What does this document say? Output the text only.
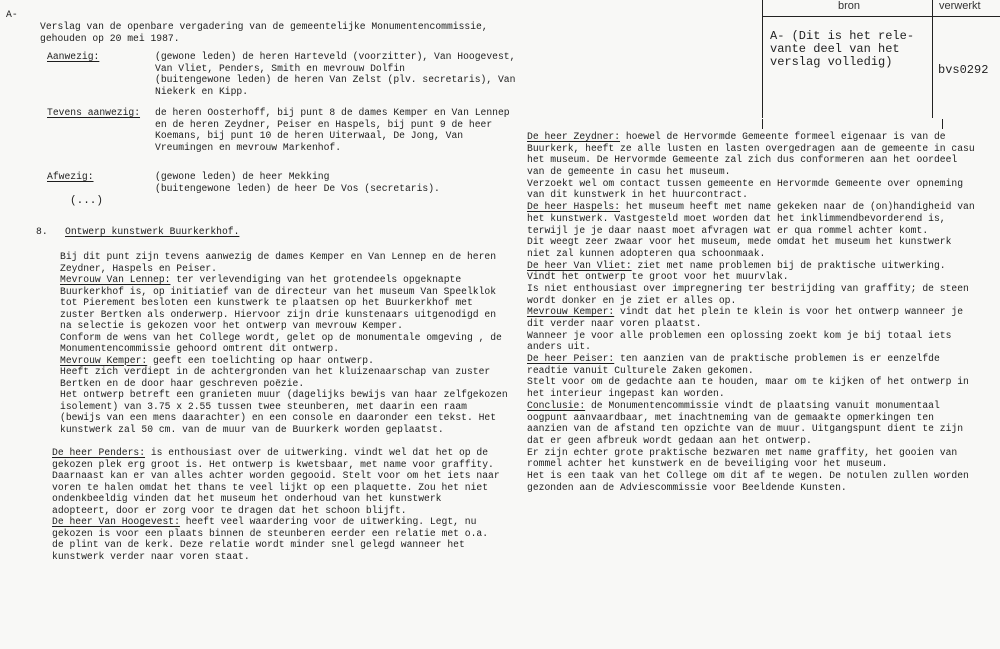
A-
Verslag van de openbare vergadering van de gemeentelijke Monumentencommissie,
gehouden op 20 mei 1987.
Aanwezig:	(gewone leden) de heren Harteveld (voorzitter), Van Hoogevest,
Van Vliet, Penders, Smith en mevrouw Dolfin
(buitengewone leden) de heren Van Zelst (plv. secretaris), Van
Niekerk en Kipp.
Tevens aanwezig: de heren Oosterhoff, bij punt 8 de dames Kemper en Van Lennep
en de heren Zeydner, Peiser en Haspels, bij punt 9 de heer
Koemans, bij punt 10 de heren Uiterwaal, De Jong, Van
Vreumingen en mevrouw Markenhof.
Afwezig:	(gewone leden) de heer Mekking
(buitengewone leden) de heer De Vos (secretaris).
(...)
8. Ontwerp kunstwerk Buurkerkhof.
Bij dit punt zijn tevens aanwezig de dames Kemper en Van Lennep en de heren
Zeydner, Haspels en Peiser.
Mevrouw Van Lennep: ter verlevendiging van het grotendeels opgeknapte
Buurkerkhof is, op initiatief van de directeur van het museum Van Speelklok
tot Pierement besloten een kunstwerk te plaatsen op het Buurkerkhof met
zuster Bertken als onderwerp. Hiervoor zijn drie kunstenaars uitgenodigd en
na selectie is gekozen voor het ontwerp van mevrouw Kemper.
Conform de wens van het College wordt, gelet op de monumentale omgeving , de
Monumentencommissie gehoord omtrent dit ontwerp.
Mevrouw Kemper: geeft een toelichting op haar ontwerp.
Heeft zich verdiept in de achtergronden van het kluizenaarschap van zuster
Bertken en de door haar geschreven poëzie.
Het ontwerp betreft een granieten muur (dagelijks bewijs van haar zelfgekozen
isolement) van 3.75 x 2.55 tussen twee steunberen, met daarin een raam
(bewijs van een mens daarachter) en een console en daaronder een tekst. Het
kunstwerk zal 50 cm. van de muur van de Buurkerk worden geplaatst.
De heer Penders: is enthousiast over de uitwerking. vindt wel dat het op de
gekozen plek erg groot is. Het ontwerp is kwetsbaar, met name voor graffity.
Daarnaast kan er van alles achter worden gegooid. Stelt voor om het iets naar
voren te halen omdat het thans te veel lijkt op een plaquette. Zou het niet
ondenkbeeldig vinden dat het museum het onderhoud van het kunstwerk
adopteert, door er zorg voor te dragen dat het schoon blijft.
De heer Van Hoogevest: heeft veel waardering voor de uitwerking. Legt, nu
gekozen is voor een plaats binnen de steunberen eerder een relatie met o.a.
de plint van de kerk. Deze relatie wordt minder snel gelegd wanneer het
kunstwerk verder naar voren staat.
De heer Zeydner: hoewel de Hervormde Gemeente formeel eigenaar is van de
Buurkerk, heeft ze alle lusten en lasten overgedragen aan de gemeente in casu
het museum. De Hervormde Gemeente zal zich dus conformeren aan het oordeel
van de gemeente in casu het museum.
Verzoekt wel om contact tussen gemeente en Hervormde Gemeente over opneming
van dit kunstwerk in het huurcontract.
De heer Haspels: het museum heeft met name gekeken naar de (on)handigheid van
het kunstwerk. Vastgesteld moet worden dat het inklimmendbevorderend is,
terwijl je je daar naast moet afvragen wat er qua rommel achter komt.
Dit weegt zeer zwaar voor het museum, mede omdat het museum het kunstwerk
niet zal kunnen adopteren qua schoonmaak.
De heer Van Vliet: ziet met name problemen bij de praktische uitwerking.
Vindt het ontwerp te groot voor het muurvlak.
Is niet enthousiast over impregnering ter bestrijding van graffity; de steen
wordt donker en je ziet er alles op.
Mevrouw Kemper: vindt dat het plein te klein is voor het ontwerp wanneer je
dit verder naar voren plaatst.
Wanneer je voor alle problemen een oplossing zoekt kom je bij totaal iets
anders uit.
De heer Peiser: ten aanzien van de praktische problemen is er eenzelfde
readtie vanuit Culturele Zaken gekomen.
Stelt voor om de gedachte aan te houden, maar om te kijken of het ontwerp in
het interieur ingepast kan worden.
Conclusie: de Monumentencommissie vindt de plaatsing vanuit monumentaal
oogpunt aanvaardbaar, met inachtneming van de gemaakte opmerkingen ten
aanzien van de afstand ten opzichte van de muur. Uitgangspunt dient te zijn
dat er geen afbreuk wordt gedaan aan het ontwerp.
Er zijn echter grote praktische bezwaren met name graffity, het gooien van
rommel achter het kunstwerk en de beveiliging voor het museum.
Het is een taak van het College om dit af te wegen. De notulen zullen worden
gezonden aan de Adviescommissie voor Beeldende Kunsten.
bron	verwerkt
A- (Dit is het rele-
vante deel van het
verslag volledig)
bvs0292
